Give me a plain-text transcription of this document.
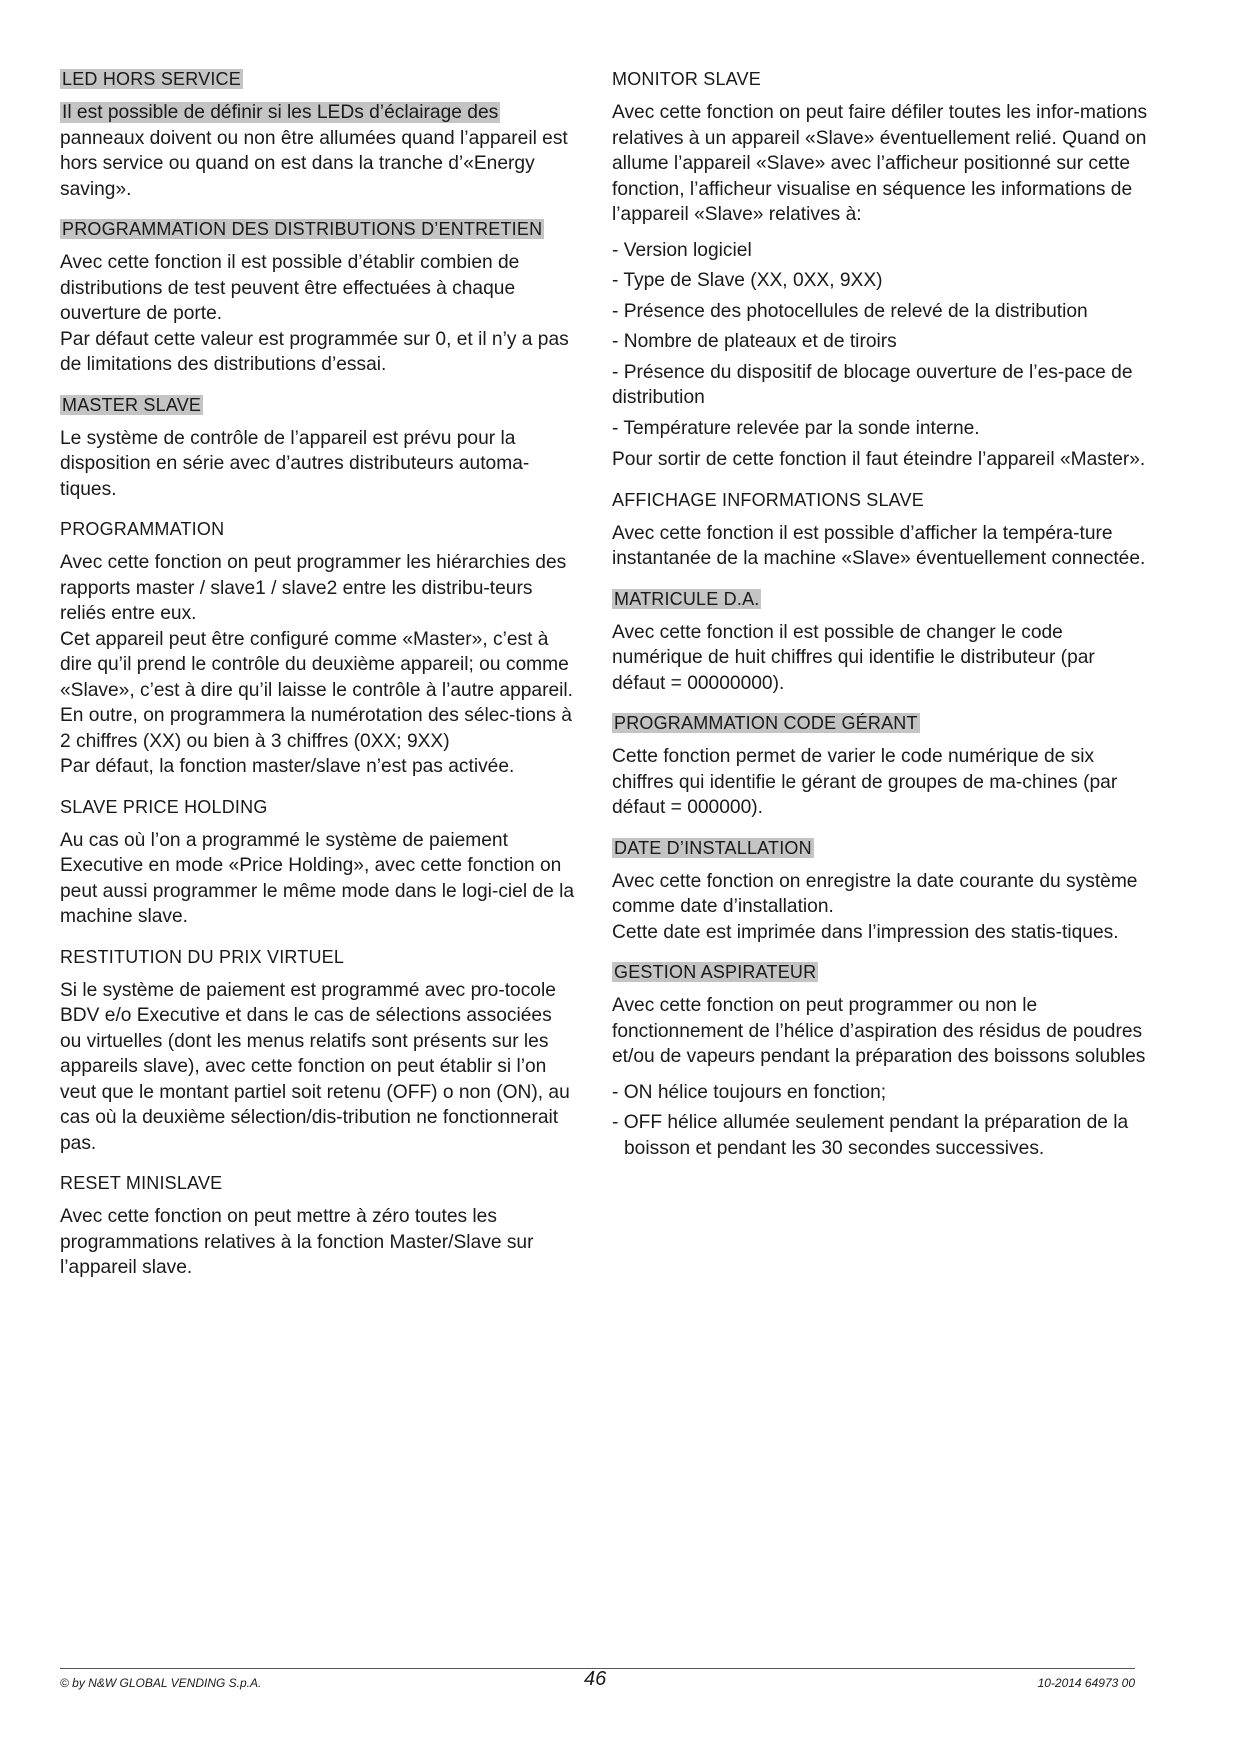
LED HORS SERVICE

Il est possible de définir si les LEDs d’éclairage des panneaux doivent ou non être allumées quand l’appareil est hors service ou quand on est dans la tranche d’«Energy saving».

PROGRAMMATION DES DISTRIBUTIONS D’ENTRETIEN

Avec cette fonction il est possible d’établir combien de distributions de test peuvent être effectuées à chaque ouverture de porte.

Par défaut cette valeur est programmée sur 0, et il n’y a pas de limitations des distributions d’essai.

MASTER SLAVE

Le système de contrôle de l’appareil est prévu pour la disposition en série avec d’autres distributeurs automa-tiques.

PROGRAMMATION

Avec cette fonction on peut programmer les hiérarchies des rapports master / slave1 / slave2 entre les distribu-teurs reliés entre eux.

Cet appareil peut être configuré comme «Master», c’est à dire qu’il prend le contrôle du deuxième appareil; ou comme «Slave», c’est à dire qu’il laisse le contrôle à l’autre appareil.

En outre, on programmera la numérotation des sélec-tions à 2 chiffres (XX) ou bien à 3 chiffres (0XX; 9XX)

Par défaut, la fonction master/slave n’est pas activée.

SLAVE PRICE HOLDING

Au cas où l’on a programmé le système de paiement Executive en mode «Price Holding», avec cette fonction on peut aussi programmer le même mode dans le logi-ciel de la machine slave.

RESTITUTION DU PRIX VIRTUEL

Si le système de paiement est programmé avec pro-tocole BDV e/o Executive et dans le cas de sélections associées ou virtuelles (dont les menus relatifs sont présents sur les appareils slave), avec cette fonction on peut établir si l’on veut que le montant partiel soit retenu (OFF) o non (ON), au cas où la deuxième sélection/dis-tribution ne fonctionnerait pas.

RESET MINISLAVE

Avec cette fonction on peut mettre à zéro toutes les programmations relatives à la fonction Master/Slave sur l’appareil slave.

MONITOR SLAVE

Avec cette fonction on peut faire défiler toutes les infor-mations relatives à un appareil «Slave» éventuellement relié. Quand on allume l’appareil «Slave» avec l’afficheur positionné sur cette fonction, l’afficheur visualise en séquence les informations de l’appareil «Slave» relatives à:

- Version logiciel
- Type de Slave (XX, 0XX, 9XX)
- Présence des photocellules de relevé de la distribution
- Nombre de plateaux et de tiroirs
- Présence du dispositif de blocage ouverture de l’es-pace de distribution
- Température relevée par la sonde interne.

Pour sortir de cette fonction il faut éteindre l’appareil «Master».

AFFICHAGE INFORMATIONS SLAVE

Avec cette fonction il est possible d’afficher la tempéra-ture instantanée de la machine «Slave» éventuellement connectée.

MATRICULE D.A.

Avec cette fonction il est possible de changer le code numérique de huit chiffres qui identifie le distributeur (par défaut = 00000000).

PROGRAMMATION CODE GÉRANT

Cette fonction permet de varier le code numérique de six chiffres qui identifie le gérant de groupes de ma-chines (par défaut = 000000).

DATE D’INSTALLATION

Avec cette fonction on enregistre la date courante du système comme date d’installation.

Cette date est imprimée dans l’impression des statis-tiques.

GESTION ASPIRATEUR

Avec cette fonction on peut programmer ou non le fonctionnement de l’hélice d’aspiration des résidus de poudres et/ou de vapeurs pendant la préparation des boissons solubles

- ON hélice toujours en fonction;
- OFF hélice allumée seulement pendant la préparation de la boisson et pendant les 30 secondes successives.
© by N&W GLOBAL VENDING S.p.A.	46	10-2014 64973 00
